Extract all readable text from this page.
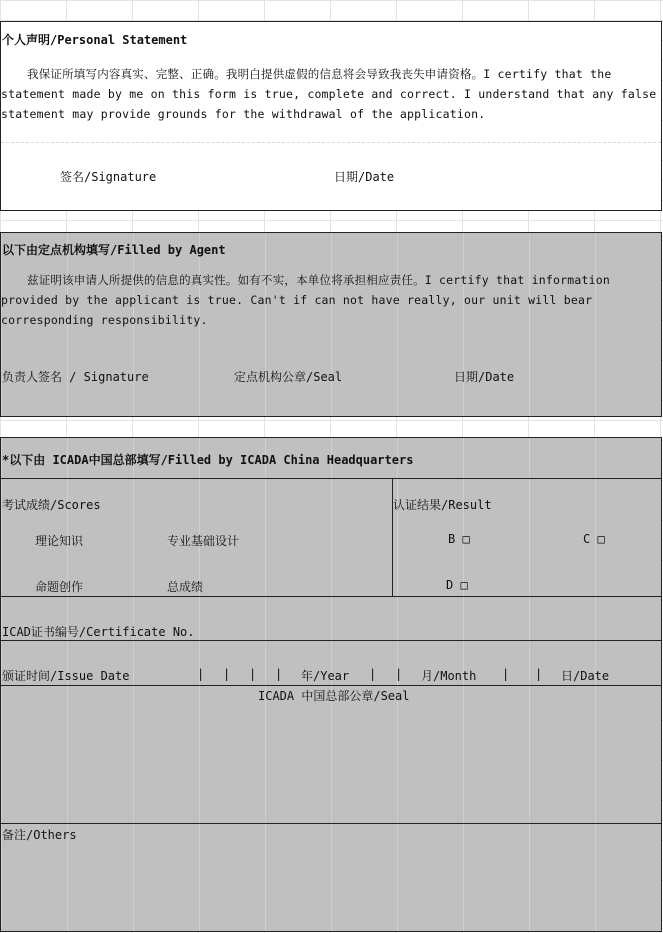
个人声明/Personal Statement
我保证所填写内容真实、完整、正确。我明白提供虚假的信息将会导致我丧失申请资格。I certify that the statement made by me on this form is true, complete and correct. I understand that any false statement may provide grounds for the withdrawal of the application.
签名/Signature	日期/Date
以下由定点机构填写/Filled by Agent
兹证明该申请人所提供的信息的真实性。如有不实，本单位将承担相应责任。I certify that information provided by the applicant is true. Can't if can not have really, our unit will bear corresponding responsibility.
负责人签名 / Signature	定点机构公章/Seal	日期/Date
*以下由 ICADA中国总部填写/Filled by ICADA China Headquarters
考试成绩/Scores	认证结果/Result
理论知识	专业基础设计	B □	C □
命题创作	总成绩	D □
ICAD证书编号/Certificate No.
颁证时间/Issue Date	| | | | 年/Year | | 月/Month | | 日/Date
ICADA 中国总部公章/Seal
备注/Others
